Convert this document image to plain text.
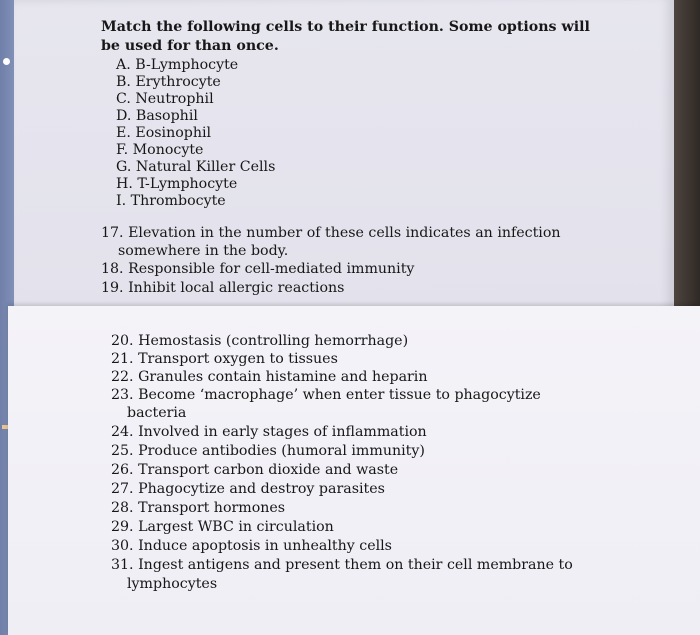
Match the following cells to their function. Some options will
be used for than once.
A. B-Lymphocyte
B. Erythrocyte
C. Neutrophil
D. Basophil
E. Eosinophil
F. Monocyte
G. Natural Killer Cells
H. T-Lymphocyte
I. Thrombocyte
17. Elevation in the number of these cells indicates an infection
somewhere in the body.
18. Responsible for cell-mediated immunity
19. Inhibit local allergic reactions
20. Hemostasis (controlling hemorrhage)
21. Transport oxygen to tissues
22. Granules contain histamine and heparin
23. Become ‘macrophage’ when enter tissue to phagocytize
bacteria
24. Involved in early stages of inflammation
25. Produce antibodies (humoral immunity)
26. Transport carbon dioxide and waste
27. Phagocytize and destroy parasites
28. Transport hormones
29. Largest WBC in circulation
30. Induce apoptosis in unhealthy cells
31. Ingest antigens and present them on their cell membrane to
lymphocytes
